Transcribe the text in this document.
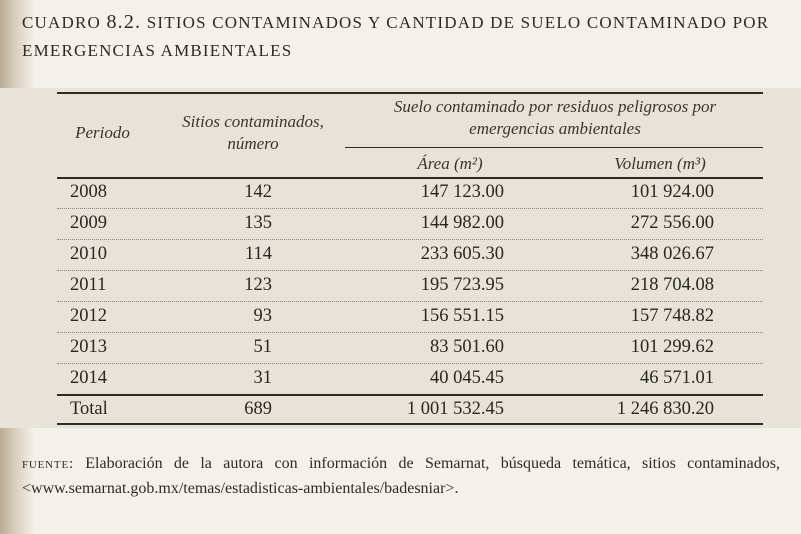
CUADRO 8.2. SITIOS CONTAMINADOS Y CANTIDAD DE SUELO CONTAMINADO POR EMERGENCIAS AMBIENTALES
Periodo
Sitios contaminados, número
Suelo contaminado por residuos peligrosos por emergencias ambientales
Área (m²)	Volumen (m³)
2008	142	147 123.00	101 924.00
2009	135	144 982.00	272 556.00
2010	114	233 605.30	348 026.67
2011	123	195 723.95	218 704.08
2012	93	156 551.15	157 748.82
2013	51	83 501.60	101 299.62
2014	31	40 045.45	46 571.01
Total	689	1 001 532.45	1 246 830.20
fuente: Elaboración de la autora con información de Semarnat, búsqueda temática, sitios contaminados, <www.semarnat.gob.mx/temas/estadisticas-ambientales/badesniar>.
